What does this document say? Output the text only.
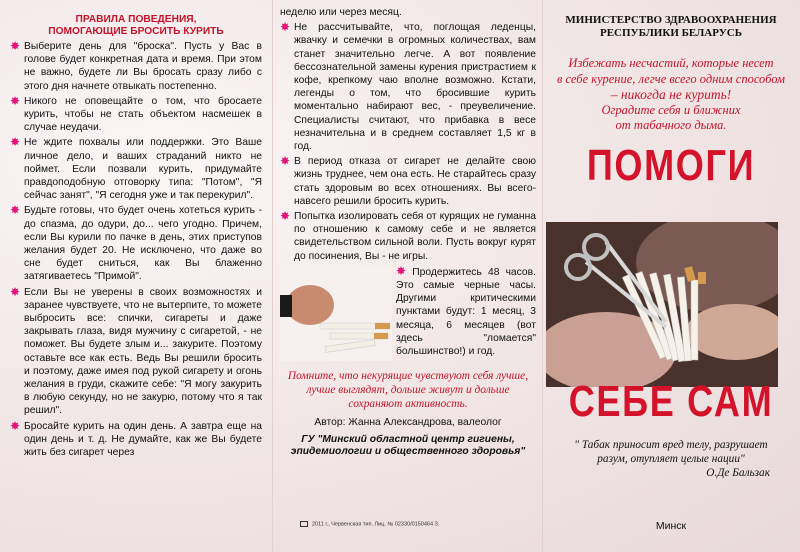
ПРАВИЛА ПОВЕДЕНИЯ,
ПОМОГАЮЩИЕ БРОСИТЬ КУРИТЬ
✸ Выберите день для "броска". Пусть у Вас в голове будет конкретная дата и время. При этом не важно, будете ли Вы бросать сразу либо с этого дня начнете отвыкать постепенно.
✸ Никого не оповещайте о том, что бросаете курить, чтобы не стать объектом насмешек в случае неудачи.
✸ Не ждите похвалы или поддержки. Это Ваше личное дело, и ваших страданий никто не поймет. Если позвали курить, придумайте правдоподобную отговорку типа: "Потом", "Я сейчас занят", "Я сегодня уже и так перекурил".
✸ Будьте готовы, что будет очень хотеться курить - до спазма, до одури, до... чего угодно. Причем, если Вы курили по пачке в день, этих приступов желания будет 20. Не исключено, что даже во сне будет сниться, как Вы блаженно затягиваетесь "Примой".
✸ Если Вы не уверены в своих возможностях и заранее чувствуете, что не вытерпите, то можете выбросить все: спички, сигареты и даже закрывать глаза, видя мужчину с сигаретой, - не поможет. Вы будете злым и... закурите. Поэтому оставьте все как есть. Ведь Вы решили бросить и поэтому, даже имея под рукой сигарету и огонь желания в груди, скажите себе: "Я могу закурить в любую секунду, но не закурю, потому что я так решил".
✸ Бросайте курить на один день. А завтра еще на один день и т. д. Не думайте, как же Вы будете жить без сигарет через
неделю или через месяц.
✸ Не рассчитывайте, что, поглощая леденцы, жвачку и семечки в огромных количествах, вам станет значительно легче. А вот появление бессознательной замены курения пристрастием к кофе, крепкому чаю вполне возможно. Кстати, легенды о том, что бросившие курить моментально набирают вес, - преувеличение. Специалисты считают, что прибавка в весе незначительна и в среднем составляет 1,5 кг в год.
✸ В период отказа от сигарет не делайте свою жизнь труднее, чем она есть. Не старайтесь сразу стать здоровым во всех отношениях. Вы всего-навсего решили бросить курить.
✸ Попытка изолировать себя от курящих не гуманна по отношению к самому себе и не является свидетельством сильной воли. Пусть вокруг курят до посинения, Вы - не игры.
✸ Продержитесь 48 часов. Это самые черные часы. Другими критическими пунктами будут: 1 месяц, 3 месяца, 6 месяцев (вот здесь "ломается" большинство!) и год.

Помните, что некурящие чувствуют себя лучше, лучше выглядят, дольше живут и дольше сохраняют активность.

Автор: Жанна Александрова, валеолог

ГУ "Минский областной центр гигиены, эпидемиологии и общественного здоровья"

2011 г., Червенская тип. Лиц. № 02330/0150464 З.
МИНИСТЕРСТВО ЗДРАВООХРАНЕНИЯ
РЕСПУБЛИКИ БЕЛАРУСЬ
Избежать несчастий, которые несет
в себе курение, легче всего одним способом
– никогда не курить!
Оградите себя и ближних
от табачного дыма.
ПОМОГИ
СЕБЕ САМ
" Табак приносит вред телу, разрушает
разум, отупляет целые нации"
О.Де Бальзак
Минск
